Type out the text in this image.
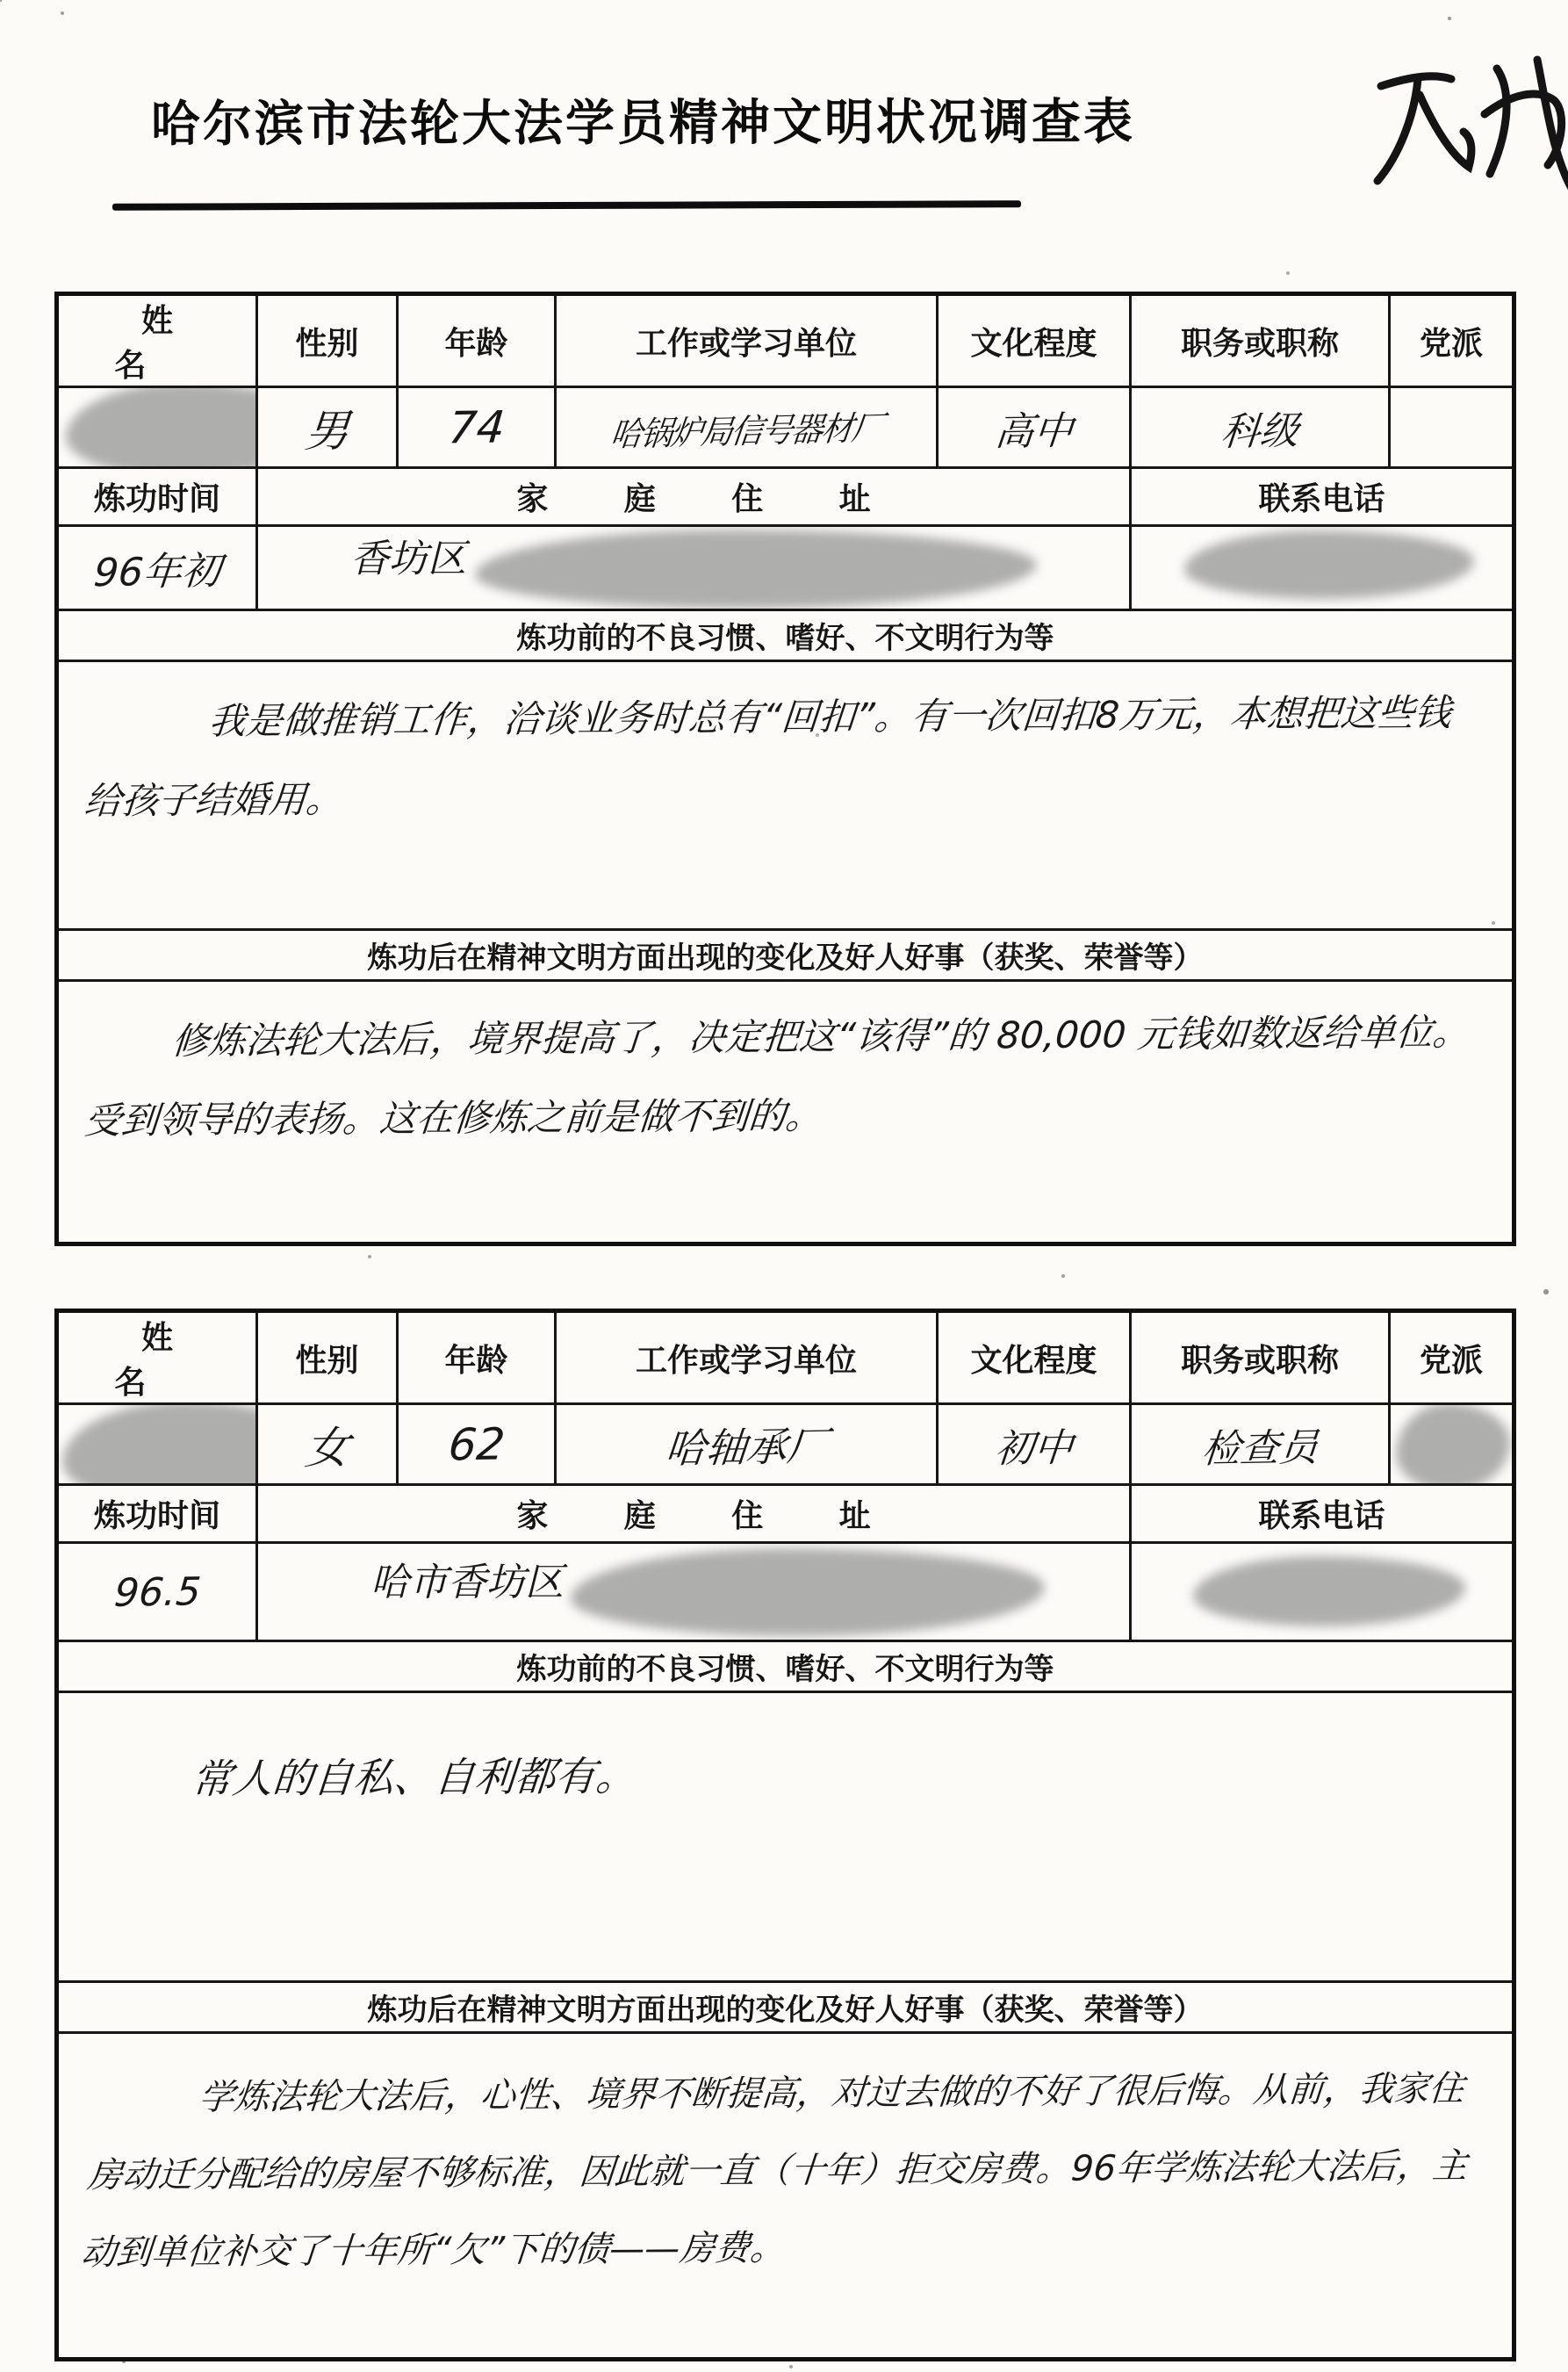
哈尔滨市法轮大法学员精神文明状况调查表
姓名	性别	年龄	工作或学习单位	文化程度	职务或职称	党派

	男	74	哈锅炉局信号器材厂	高中	科级	
炼功时间	家庭住址				联系电话	
96年初	香坊区					

炼功前的不良习惯、嗜好、不文明行为等						

我是做推销工作，洽谈业务时总有“回扣”。有一次回扣8万元，本想把这些钱给孩子结婚用。						

炼功后在精神文明方面出现的变化及好人好事（获奖、荣誉等）						

修炼法轮大法后，境界提高了，决定把这“该得”的 80,000 元钱如数返给单位。受到领导的表扬。这在修炼之前是做不到的。						
姓名	性别	年龄	工作或学习单位	文化程度	职务或职称	党派

	女	62	哈轴承厂	初中	检查员	

炼功时间	家庭住址				联系电话	
96.5	哈市香坊区					

炼功前的不良习惯、嗜好、不文明行为等						

常人的自私、自利都有。						

炼功后在精神文明方面出现的变化及好人好事（获奖、荣誉等）						

学炼法轮大法后，心性、境界不断提高，对过去做的不好了很后悔。从前，我家住房动迁分配给的房屋不够标准，因此就一直（十年）拒交房费。96年学炼法轮大法后，主动到单位补交了十年所“欠”下的债——房费。						
